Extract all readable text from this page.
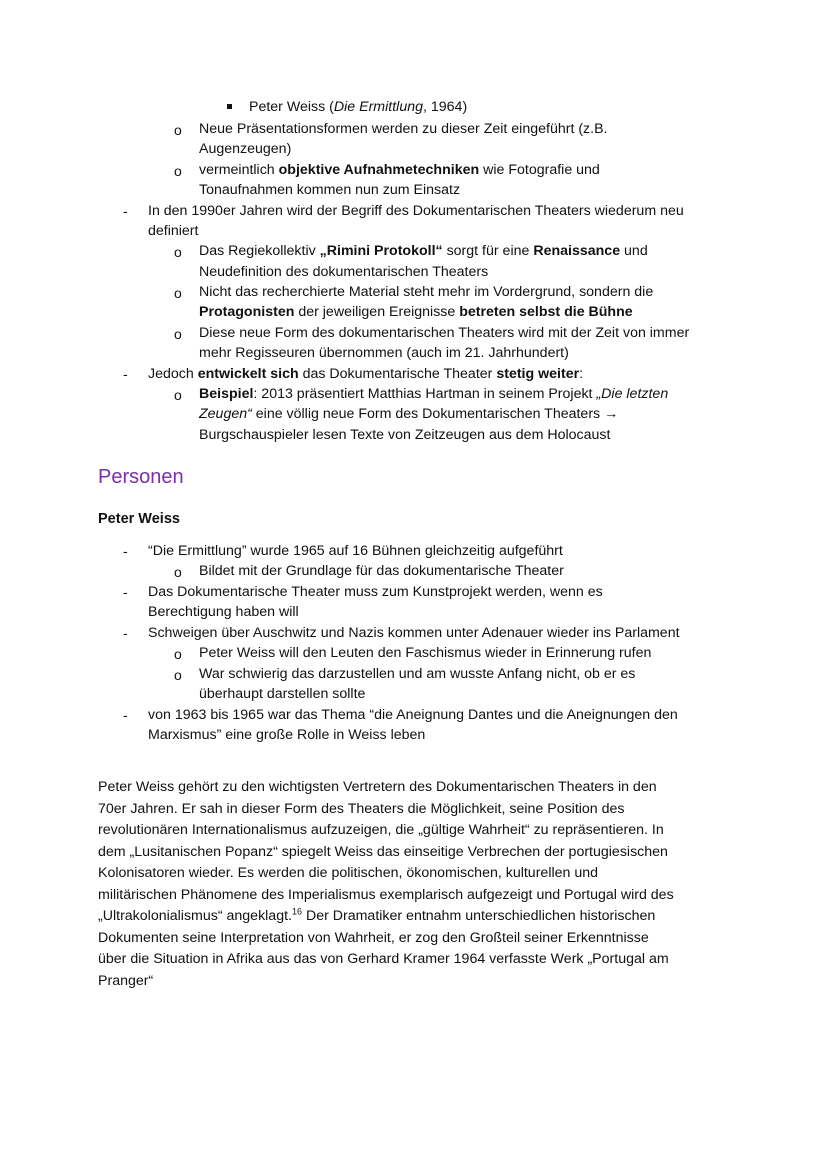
Peter Weiss (Die Ermittlung, 1964)
o Neue Präsentationsformen werden zu dieser Zeit eingeführt (z.B.
Augenzeugen)
o vermeintlich objektive Aufnahmetechniken wie Fotografie und
Tonaufnahmen kommen nun zum Einsatz
- In den 1990er Jahren wird der Begriff des Dokumentarischen Theaters wiederum neu
definiert
o Das Regiekollektiv „Rimini Protokoll“ sorgt für eine Renaissance und
Neudefinition des dokumentarischen Theaters
o Nicht das recherchierte Material steht mehr im Vordergrund, sondern die
Protagonisten der jeweiligen Ereignisse betreten selbst die Bühne
o Diese neue Form des dokumentarischen Theaters wird mit der Zeit von immer
mehr Regisseuren übernommen (auch im 21. Jahrhundert)
- Jedoch entwickelt sich das Dokumentarische Theater stetig weiter:
o Beispiel: 2013 präsentiert Matthias Hartman in seinem Projekt „Die letzten
Zeugen“ eine völlig neue Form des Dokumentarischen Theaters →
Burgschauspieler lesen Texte von Zeitzeugen aus dem Holocaust
Personen
Peter Weiss
- “Die Ermittlung” wurde 1965 auf 16 Bühnen gleichzeitig aufgeführt
o Bildet mit der Grundlage für das dokumentarische Theater
- Das Dokumentarische Theater muss zum Kunstprojekt werden, wenn es
Berechtigung haben will
- Schweigen über Auschwitz und Nazis kommen unter Adenauer wieder ins Parlament
o Peter Weiss will den Leuten den Faschismus wieder in Erinnerung rufen
o War schwierig das darzustellen und am wusste Anfang nicht, ob er es
überhaupt darstellen sollte
- von 1963 bis 1965 war das Thema “die Aneignung Dantes und die Aneignungen den
Marxismus” eine große Rolle in Weiss leben

Peter Weiss gehört zu den wichtigsten Vertretern des Dokumentarischen Theaters in den

70er Jahren. Er sah in dieser Form des Theaters die Möglichkeit, seine Position des

revolutionären Internationalismus aufzuzeigen, die „gültige Wahrheit“ zu repräsentieren. In

dem „Lusitanischen Popanz“ spiegelt Weiss das einseitige Verbrechen der portugiesischen

Kolonisatoren wieder. Es werden die politischen, ökonomischen, kulturellen und

militärischen Phänomene des Imperialismus exemplarisch aufgezeigt und Portugal wird des

„Ultrakolonialismus“ angeklagt.$^{16}$ Der Dramatiker entnahm unterschiedlichen historischen

Dokumenten seine Interpretation von Wahrheit, er zog den Großteil seiner Erkenntnisse

über die Situation in Afrika aus das von Gerhard Kramer 1964 verfasste Werk „Portugal am

Pranger“
